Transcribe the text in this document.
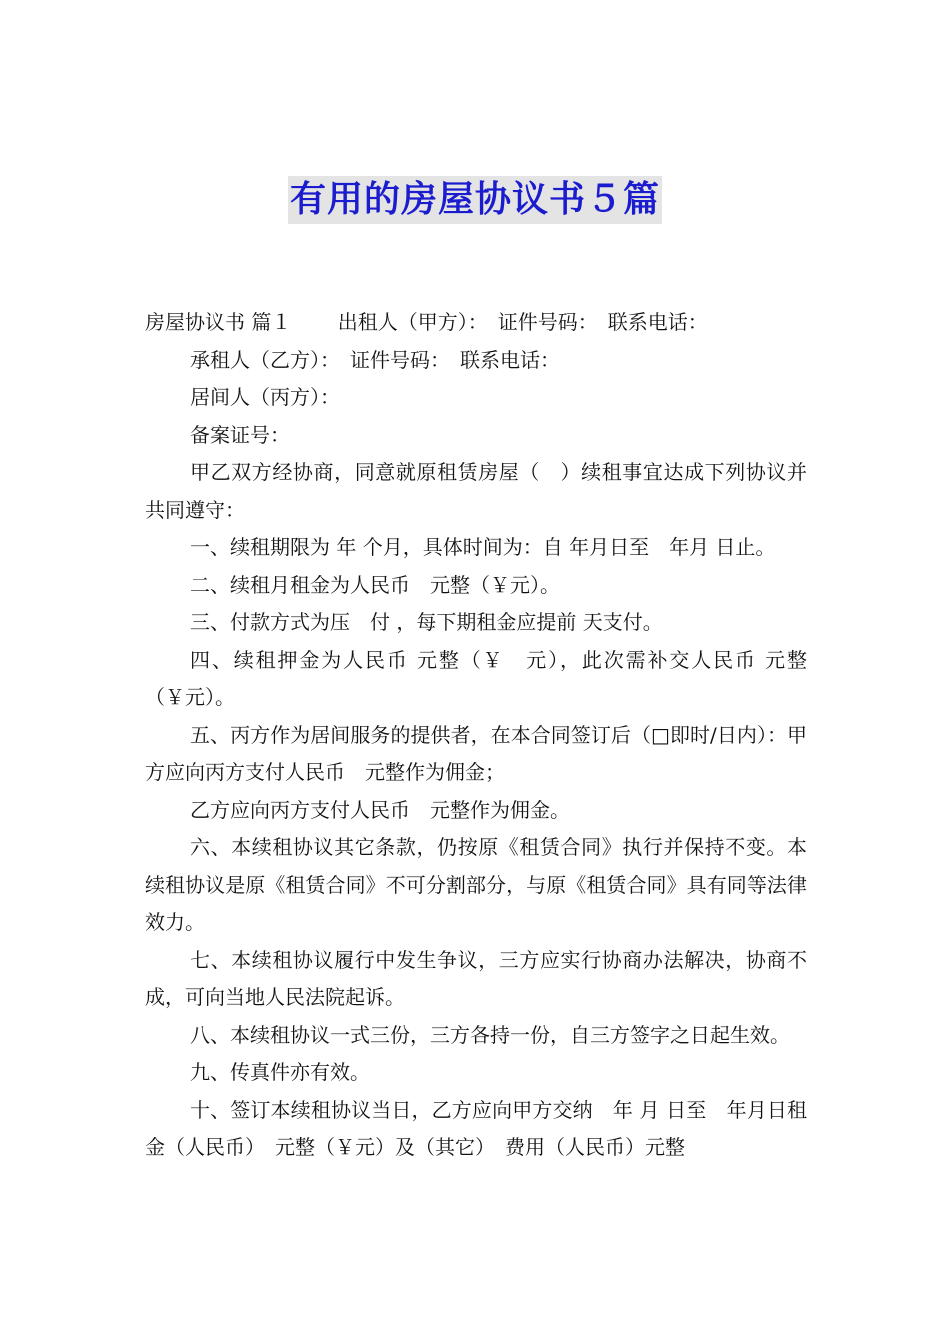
有用的房屋协议书５篇

房屋协议书 篇１　　 出租人（甲方）：　证件号码：　联系电话：

承租人（乙方）：　证件号码：　联系电话：

居间人（丙方）：

备案证号：

甲乙双方经协商，同意就原租赁房屋（　）续租事宜达成下列协议并共同遵守：

一、续租期限为 年 个月，具体时间为：自 年月日至　年月 日止。

二、续租月租金为人民币　元整（￥元）。

三、付款方式为压　付 ，每下期租金应提前 天支付。

四、续租押金为人民币 元整（￥　元），此次需补交人民币 元整（￥元）。

五、丙方作为居间服务的提供者，在本合同签订后（□即时/日内）：甲方应向丙方支付人民币　元整作为佣金；

乙方应向丙方支付人民币　元整作为佣金。

六、本续租协议其它条款，仍按原《租赁合同》执行并保持不变。本续租协议是原《租赁合同》不可分割部分，与原《租赁合同》具有同等法律效力。

七、本续租协议履行中发生争议，三方应实行协商办法解决，协商不成，可向当地人民法院起诉。

八、本续租协议一式三份，三方各持一份，自三方签字之日起生效。

九、传真件亦有效。

十、签订本续租协议当日，乙方应向甲方交纳　年 月 日至　年月日租金（人民币）　元整（￥元）及（其它）　费用（人民币）元整
